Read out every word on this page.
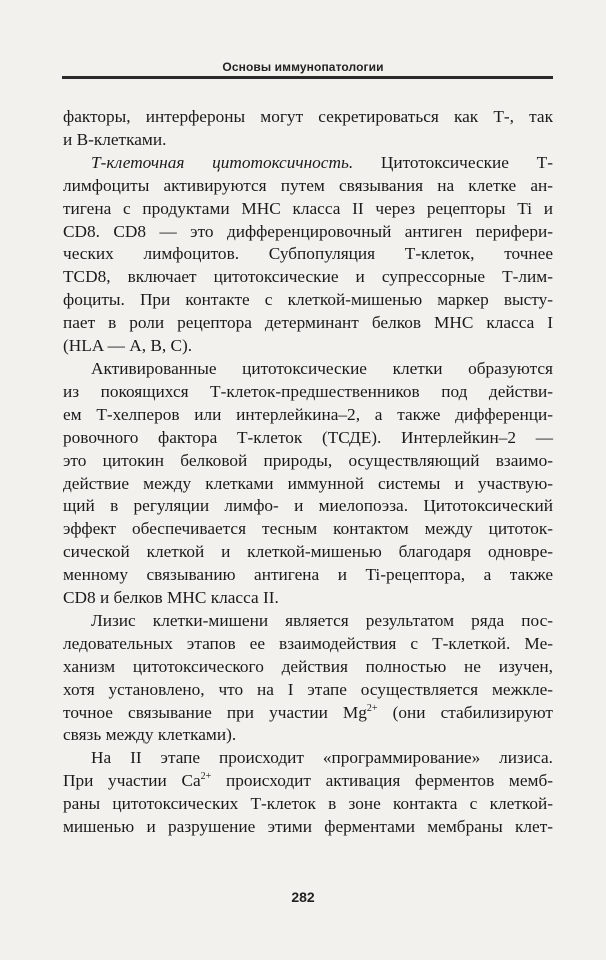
Основы иммунопатологии

факторы, интерфероны могут секретироваться как Т-, так
и В-клетками.

Т-клеточная цитотоксичность. Цитотоксические Т-
лимфоциты активируются путем связывания на клетке ан-
тигена с продуктами МНС класса II через рецепторы Ti и
CD8. CD8 — это дифференцировочный антиген перифери-
ческих лимфоцитов. Субпопуляция Т-клеток, точнее
TCD8, включает цитотоксические и супрессорные Т-лим-
фоциты. При контакте с клеткой-мишенью маркер высту-
пает в роли рецептора детерминант белков МНС класса I
(HLA — А, В, С).

Активированные цитотоксические клетки образуются
из покоящихся Т-клеток-предшественников под действи-
ем Т-хелперов или интерлейкина–2, а также дифференци-
ровочного фактора Т-клеток (ТСДЕ). Интерлейкин–2 —
это цитокин белковой природы, осуществляющий взаимо-
действие между клетками иммунной системы и участвую-
щий в регуляции лимфо- и миелопоэза. Цитотоксический
эффект обеспечивается тесным контактом между цитоток-
сической клеткой и клеткой-мишенью благодаря одновре-
менному связыванию антигена и Ti-рецептора, а также
CD8 и белков МНС класса II.

Лизис клетки-мишени является результатом ряда пос-
ледовательных этапов ее взаимодействия с Т-клеткой. Ме-
ханизм цитотоксического действия полностью не изучен,
хотя установлено, что на I этапе осуществляется межкле-
точное связывание при участии $Mg^{2+}$ (они стабилизируют
связь между клетками).

На II этапе происходит «программирование» лизиса.
При участии $Ca^{2+}$ происходит активация ферментов мемб-
раны цитотоксических Т-клеток в зоне контакта с клеткой-
мишенью и разрушение этими ферментами мембраны клет-

282
